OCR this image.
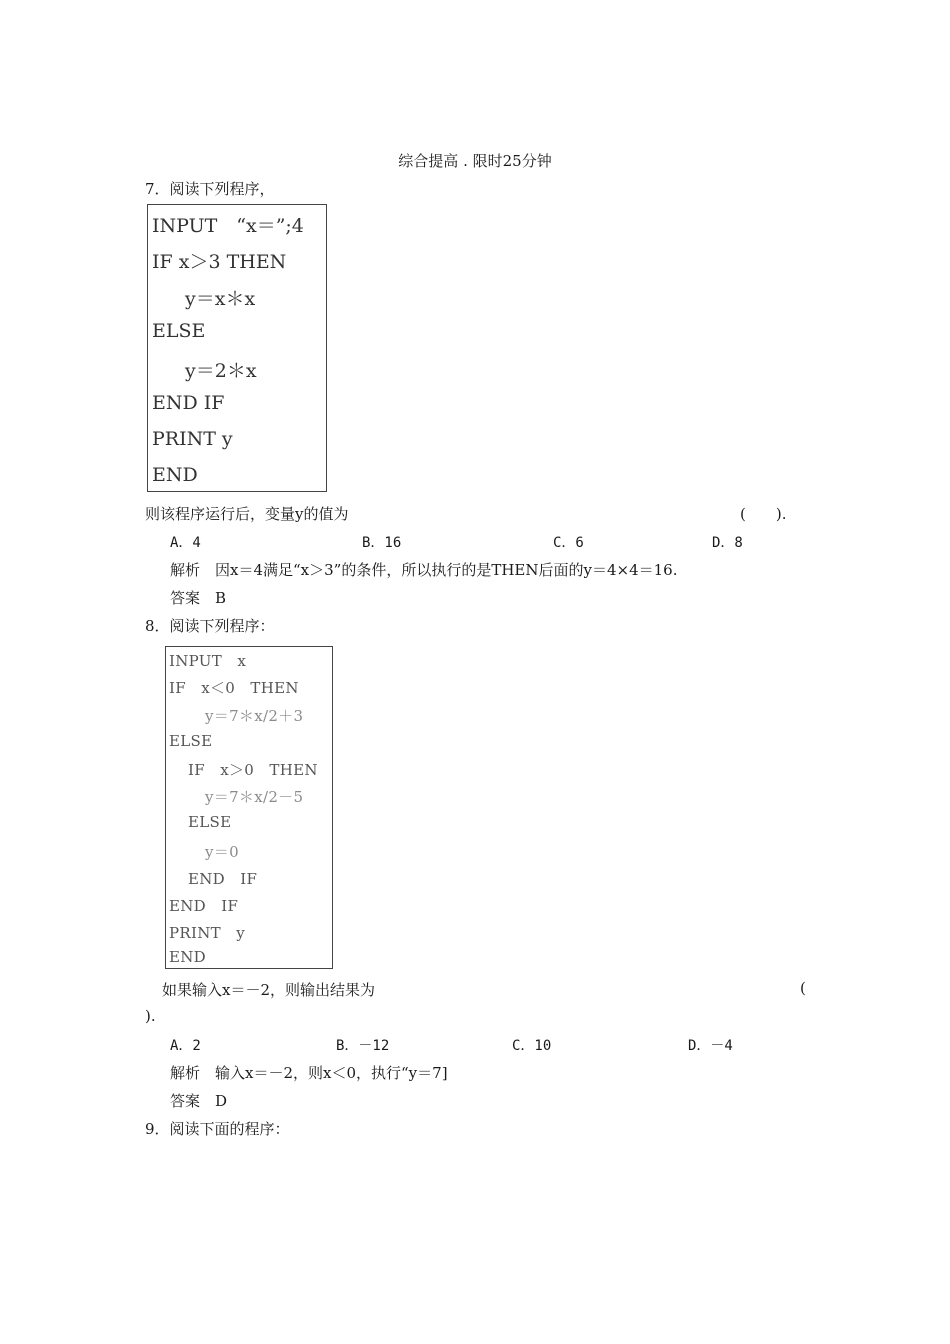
综合提高 . 限时25分钟
7．阅读下列程序，
INPUT　“x＝”;4
IF x＞3 THEN
y＝x＊x
ELSE
y＝2＊x
END IF
PRINT y
END
则该程序运行后，变量y的值为	(　　).
A．4	B．16	C．6	D．8
解析　因x＝4满足“x＞3”的条件，所以执行的是THEN后面的y＝4×4＝16.
答案　B
8．阅读下列程序：
INPUT　x
IF　x＜0　THEN
y＝7＊x/2＋3
ELSE
IF　x＞0　THEN
y＝7＊x/2－5
ELSE
y＝0
END　IF
END　IF
PRINT　y
END
如果输入x＝－2，则输出结果为	(
).
A．2	B．－12	C．10	D．－4
解析　输入x＝－2，则x＜0，执行“y＝7]
答案　D
9．阅读下面的程序：
